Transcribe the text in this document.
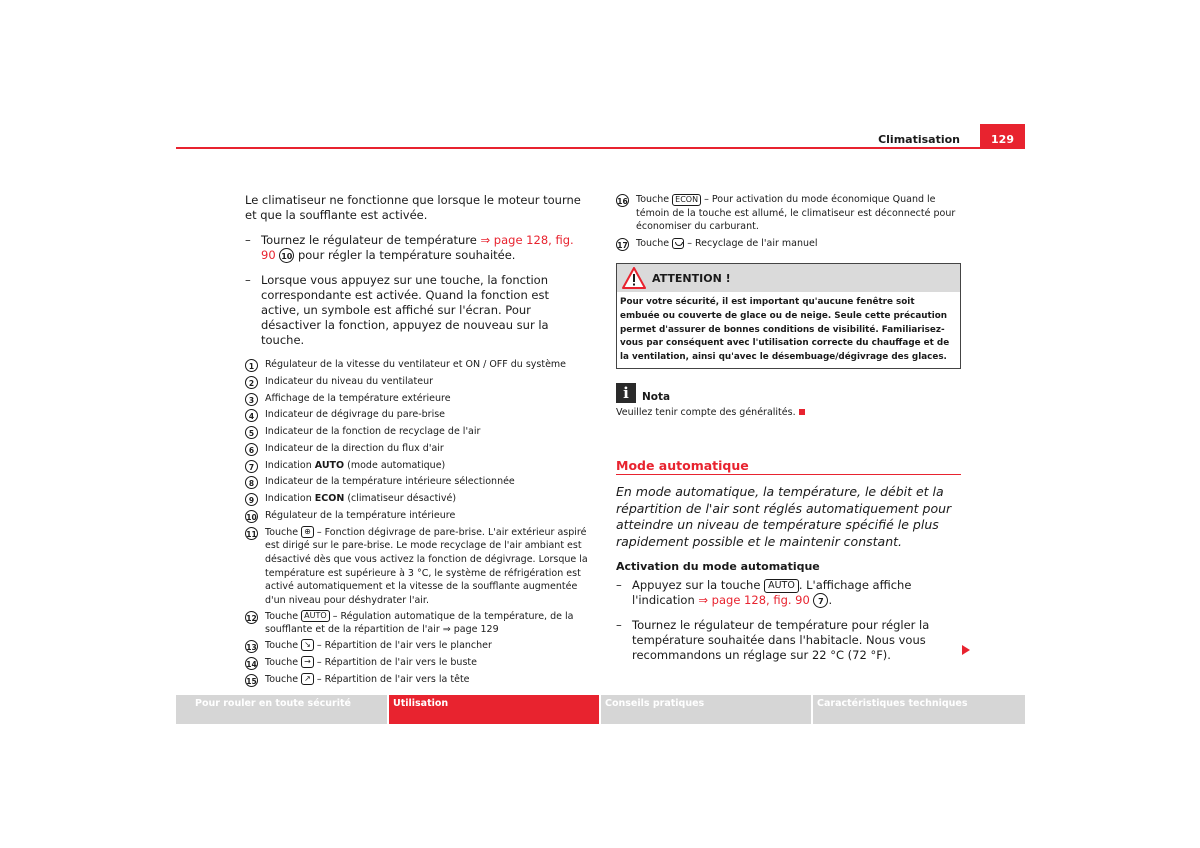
Climatisation	129

Le climatiseur ne fonctionne que lorsque le moteur tourne et que la soufflante est activée.

– Tournez le régulateur de température ⇒ page 128, fig. 90 10 pour régler la température souhaitée.
– Lorsque vous appuyez sur une touche, la fonction correspondante est activée. Quand la fonction est active, un symbole est affiché sur l'écran. Pour désactiver la fonction, appuyez de nouveau sur la touche.
1	Régulateur de la vitesse du ventilateur et ON / OFF du système
2	Indicateur du niveau du ventilateur
3	Affichage de la température extérieure
4	Indicateur de dégivrage du pare-brise
5	Indicateur de la fonction de recyclage de l'air
6	Indicateur de la direction du flux d'air
7	Indication AUTO (mode automatique)
8	Indicateur de la température intérieure sélectionnée
9	Indication ECON (climatiseur désactivé)
10 Régulateur de la température intérieure
11 Touche ⊕ – Fonction dégivrage de pare-brise. L'air extérieur aspiré est dirigé sur le pare-brise. Le mode recyclage de l'air ambiant est désactivé dès que vous activez la fonction de dégivrage. Lorsque la température est supérieure à 3 °C, le système de réfrigération est activé automatiquement et la vitesse de la soufflante augmentée d'un niveau pour déshydrater l'air.
12 Touche AUTO – Régulation automatique de la température, de la soufflante et de la répartition de l'air ⇒ page 129
13 Touche ↘ – Répartition de l'air vers le plancher
14 Touche → – Répartition de l'air vers le buste
15 Touche ↗ – Répartition de l'air vers la tête
16 Touche ECON – Pour activation du mode économique Quand le témoin de la touche est allumé, le climatiseur est déconnecté pour économiser du carburant.
17 Touche – Recyclage de l'air manuel
ATTENTION !
Pour votre sécurité, il est important qu'aucune fenêtre soit embuée ou couverte de glace ou de neige. Seule cette précaution permet d'assurer de bonnes conditions de visibilité. Familiarisez-vous par conséquent avec l'utilisation correcte du chauffage et de la ventilation, ainsi qu'avec le désembuage/dégivrage des glaces.
i	Nota
Veuillez tenir compte des généralités.
Mode automatique
En mode automatique, la température, le débit et la répartition de l'air sont réglés automatiquement pour atteindre un niveau de température spécifié le plus rapidement possible et le maintenir constant.
Activation du mode automatique
– Appuyez sur la touche AUTO . L'affichage affiche l'indication ⇒ page 128, fig. 90 7 .
– Tournez le régulateur de température pour régler la température souhaitée dans l'habitacle. Nous vous recommandons un réglage sur 22 °C (72 °F).
Pour rouler en toute sécurité	Utilisation	Conseils pratiques	Caractéristiques techniques
